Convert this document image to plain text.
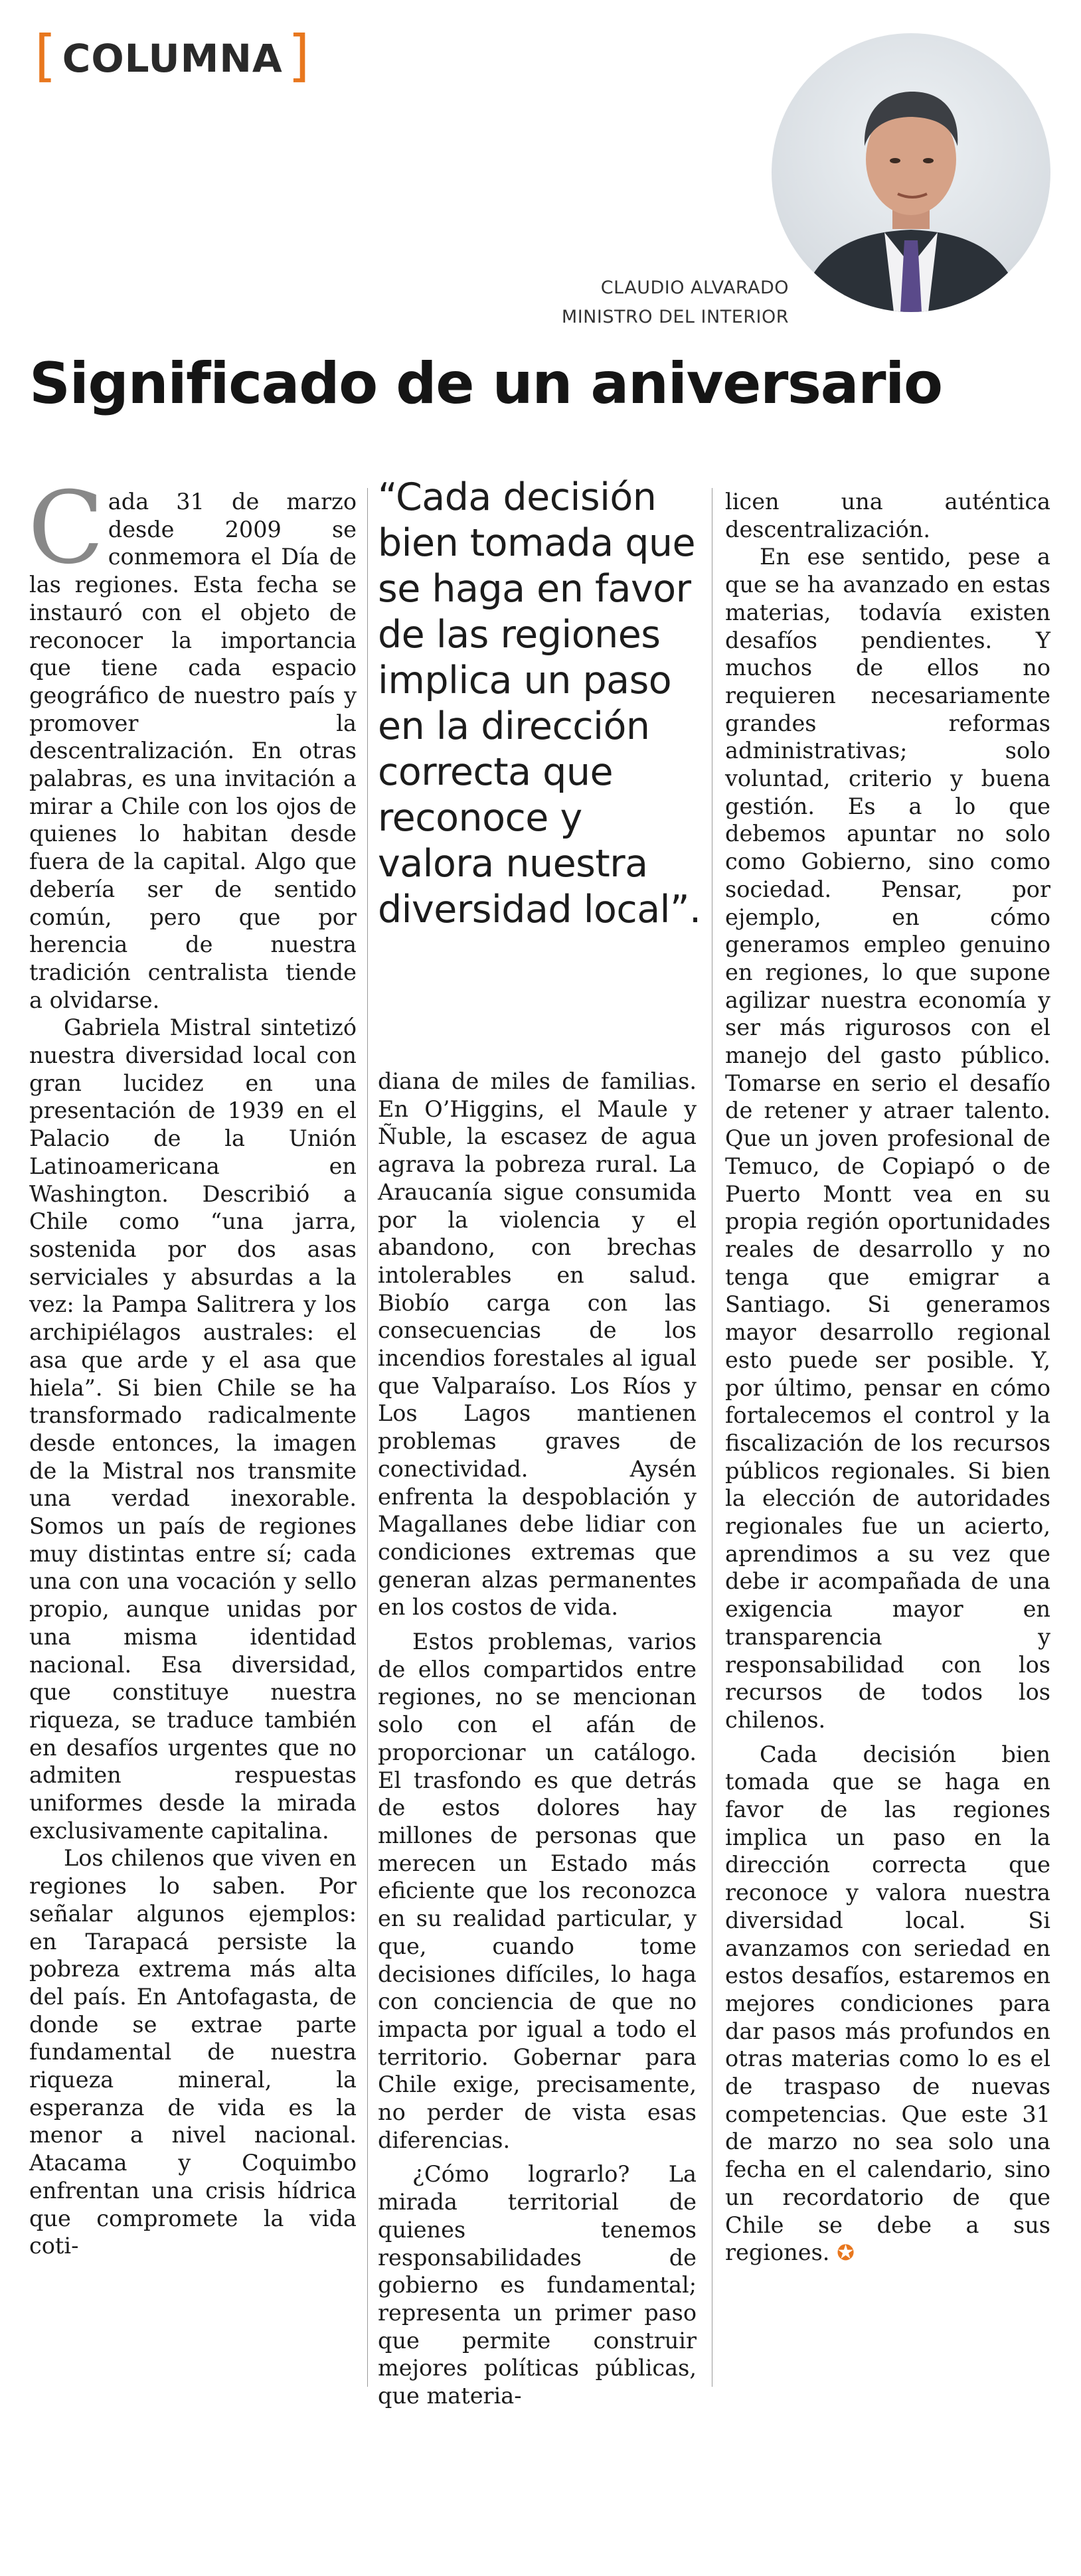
[ COLUMNA ]
CLAUDIO ALVARADO
MINISTRO DEL INTERIOR
Significado de un aniversario

Cada 31 de marzo desde 2009 se conmemora el Día de las regiones. Esta fecha se instauró con el objeto de reconocer la importancia que tiene cada espacio geográfico de nuestro país y promover la descentralización. En otras palabras, es una invitación a mirar a Chile con los ojos de quienes lo habitan desde fuera de la capital. Algo que debería ser de sentido común, pero que por herencia de nuestra tradición centralista tiende a olvidarse.

Gabriela Mistral sintetizó nuestra diversidad local con gran lucidez en una presentación de 1939 en el Palacio de la Unión Latinoamericana en Washington. Describió a Chile como “una jarra, sostenida por dos asas serviciales y absurdas a la vez: la Pampa Salitrera y los archipiélagos australes: el asa que arde y el asa que hiela”. Si bien Chile se ha transformado radicalmente desde entonces, la imagen de la Mistral nos transmite una verdad inexorable. Somos un país de regiones muy distintas entre sí; cada una con una vocación y sello propio, aunque unidas por una misma identidad nacional. Esa diversidad, que constituye nuestra riqueza, se traduce también en desafíos urgentes que no admiten respuestas uniformes desde la mirada exclusivamente capitalina.

Los chilenos que viven en regiones lo saben. Por señalar algunos ejemplos: en Tarapacá persiste la pobreza extrema más alta del país. En Antofagasta, de donde se extrae parte fundamental de nuestra riqueza mineral, la esperanza de vida es la menor a nivel nacional. Atacama y Coquimbo enfrentan una crisis hídrica que compromete la vida coti-

“Cada decisión bien tomada que se haga en favor de las regiones implica un paso en la dirección correcta que reconoce y valora nuestra diversidad local”.

diana de miles de familias. En O’Higgins, el Maule y Ñuble, la escasez de agua agrava la pobreza rural. La Araucanía sigue consumida por la violencia y el abandono, con brechas intolerables en salud. Biobío carga con las consecuencias de los incendios forestales al igual que Valparaíso. Los Ríos y Los Lagos mantienen problemas graves de conectividad. Aysén enfrenta la despoblación y Magallanes debe lidiar con condiciones extremas que generan alzas permanentes en los costos de vida.

Estos problemas, varios de ellos compartidos entre regiones, no se mencionan solo con el afán de proporcionar un catálogo. El trasfondo es que detrás de estos dolores hay millones de personas que merecen un Estado más eficiente que los reconozca en su realidad particular, y que, cuando tome decisiones difíciles, lo haga con conciencia de que no impacta por igual a todo el territorio. Gobernar para Chile exige, precisamente, no perder de vista esas diferencias.

¿Cómo lograrlo? La mirada territorial de quienes tenemos responsabilidades de gobierno es fundamental; representa un primer paso que permite construir mejores políticas públicas, que materia-

licen una auténtica descentralización.

En ese sentido, pese a que se ha avanzado en estas materias, todavía existen desafíos pendientes. Y muchos de ellos no requieren necesariamente grandes reformas administrativas; solo voluntad, criterio y buena gestión. Es a lo que debemos apuntar no solo como Gobierno, sino como sociedad. Pensar, por ejemplo, en cómo generamos empleo genuino en regiones, lo que supone agilizar nuestra economía y ser más rigurosos con el manejo del gasto público. Tomarse en serio el desafío de retener y atraer talento. Que un joven profesional de Temuco, de Copiapó o de Puerto Montt vea en su propia región oportunidades reales de desarrollo y no tenga que emigrar a Santiago. Si generamos mayor desarrollo regional esto puede ser posible. Y, por último, pensar en cómo fortalecemos el control y la fiscalización de los recursos públicos regionales. Si bien la elección de autoridades regionales fue un acierto, aprendimos a su vez que debe ir acompañada de una exigencia mayor en transparencia y responsabilidad con los recursos de todos los chilenos.

Cada decisión bien tomada que se haga en favor de las regiones implica un paso en la dirección correcta que reconoce y valora nuestra diversidad local. Si avanzamos con seriedad en estos desafíos, estaremos en mejores condiciones para dar pasos más profundos en otras materias como lo es el de traspaso de nuevas competencias. Que este 31 de marzo no sea solo una fecha en el calendario, sino un recordatorio de que Chile se debe a sus regiones. ✪
